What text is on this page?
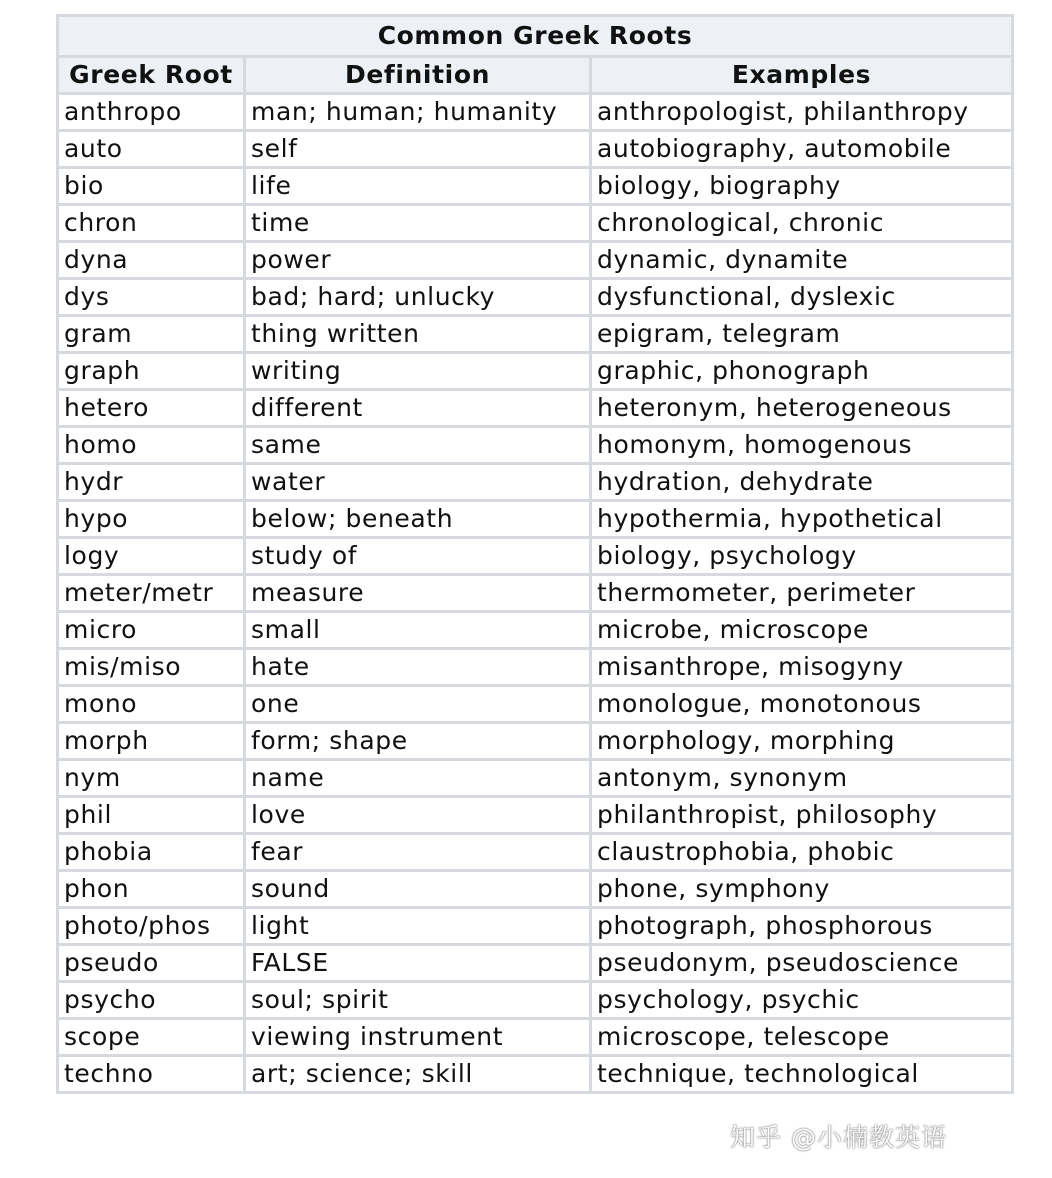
Common Greek Roots		
Greek Root	Definition	Examples
anthropo	man; human; humanity	anthropologist, philanthropy
auto	self	autobiography, automobile
bio	life	biology, biography
chron	time	chronological, chronic
dyna	power	dynamic, dynamite
dys	bad; hard; unlucky	dysfunctional, dyslexic
gram	thing written	epigram, telegram
graph	writing	graphic, phonograph
hetero	different	heteronym, heterogeneous
homo	same	homonym, homogenous
hydr	water	hydration, dehydrate
hypo	below; beneath	hypothermia, hypothetical
logy	study of	biology, psychology
meter/metr	measure	thermometer, perimeter
micro	small	microbe, microscope
mis/miso	hate	misanthrope, misogyny
mono	one	monologue, monotonous
morph	form; shape	morphology, morphing
nym	name	antonym, synonym
phil	love	philanthropist, philosophy
phobia	fear	claustrophobia, phobic
phon	sound	phone, symphony
photo/phos	light	photograph, phosphorous
pseudo	FALSE	pseudonym, pseudoscience
psycho	soul; spirit	psychology, psychic
scope	viewing instrument	microscope, telescope
techno	art; science; skill	technique, technological
知乎 @小楠教英语
